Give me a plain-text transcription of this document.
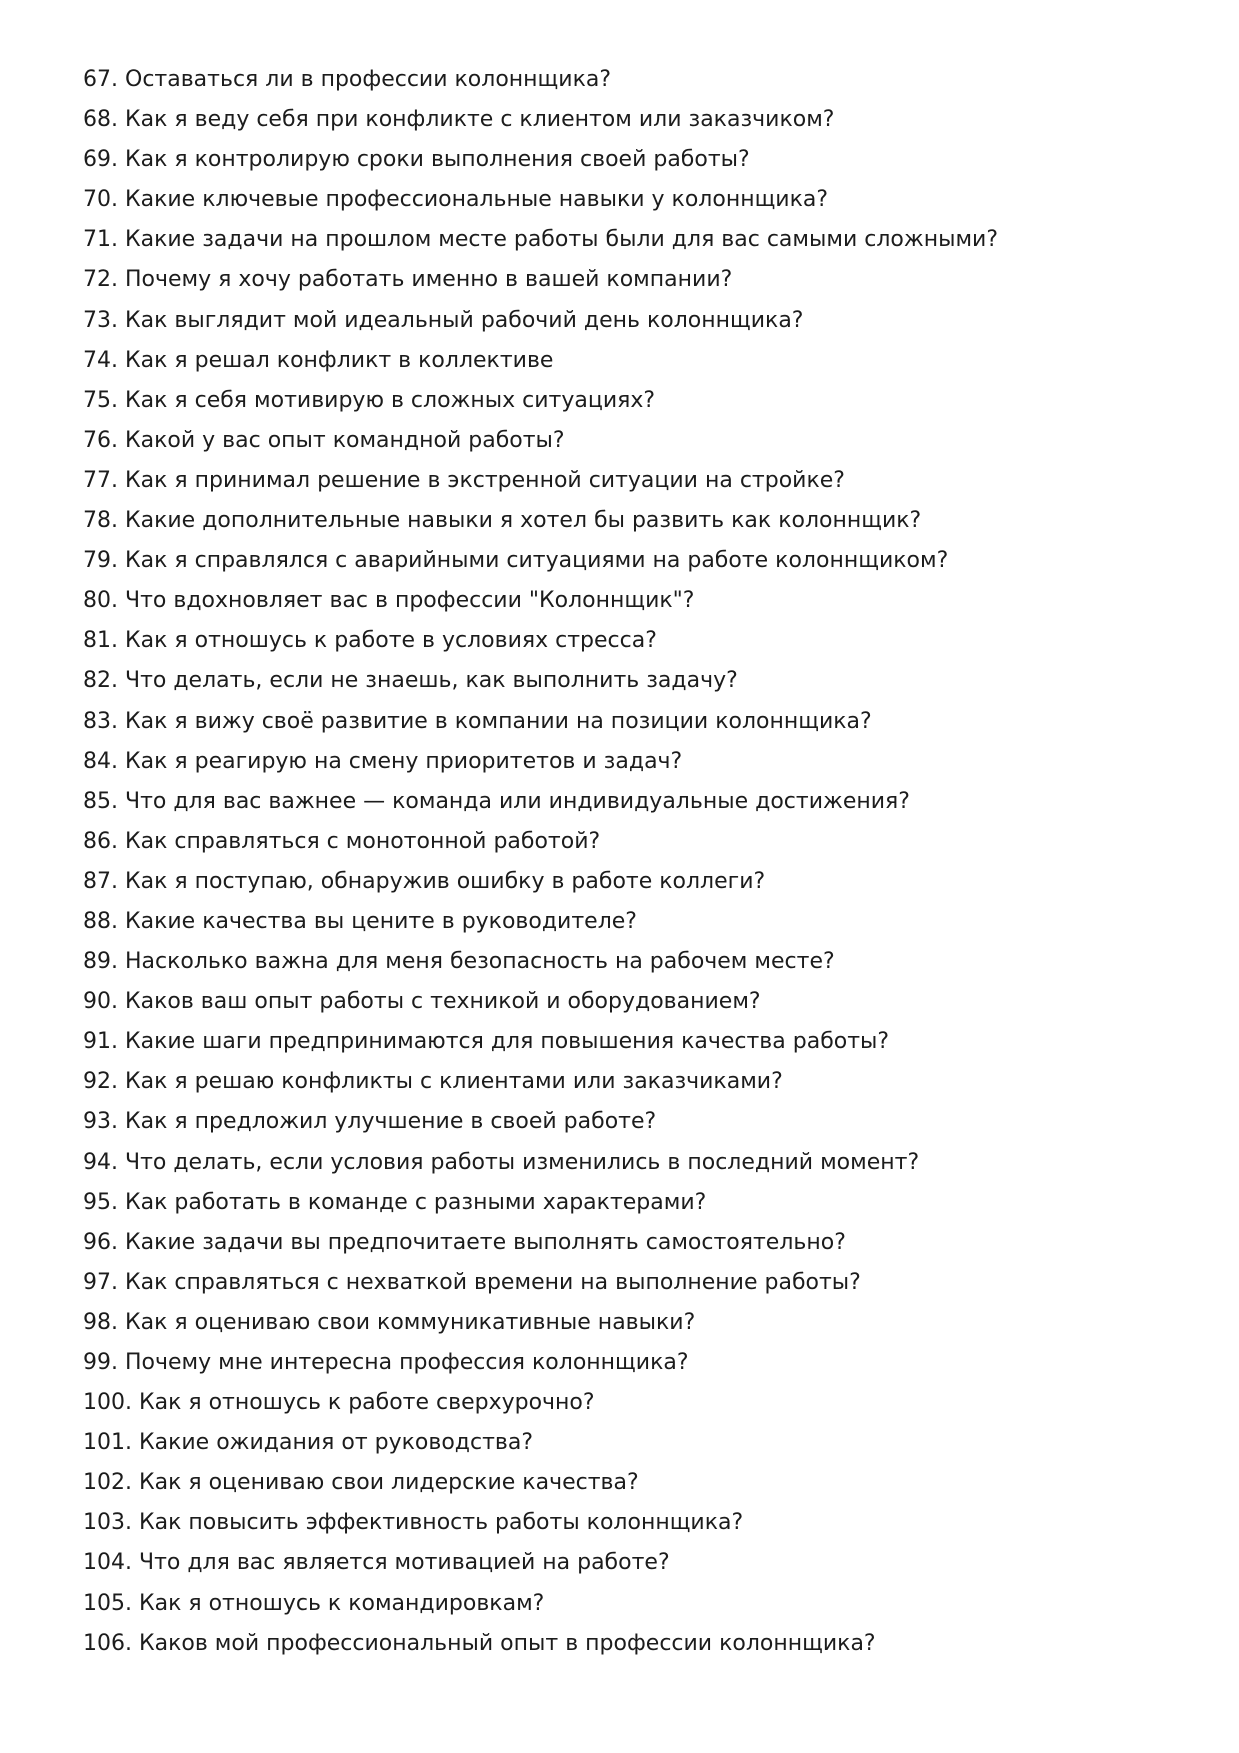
67. Оставаться ли в профессии колоннщика?
68. Как я веду себя при конфликте с клиентом или заказчиком?
69. Как я контролирую сроки выполнения своей работы?
70. Какие ключевые профессиональные навыки у колоннщика?
71. Какие задачи на прошлом месте работы были для вас самыми сложными?
72. Почему я хочу работать именно в вашей компании?
73. Как выглядит мой идеальный рабочий день колоннщика?
74. Как я решал конфликт в коллективе
75. Как я себя мотивирую в сложных ситуациях?
76. Какой у вас опыт командной работы?
77. Как я принимал решение в экстренной ситуации на стройке?
78. Какие дополнительные навыки я хотел бы развить как колоннщик?
79. Как я справлялся с аварийными ситуациями на работе колоннщиком?
80. Что вдохновляет вас в профессии "Колоннщик"?
81. Как я отношусь к работе в условиях стресса?
82. Что делать, если не знаешь, как выполнить задачу?
83. Как я вижу своё развитие в компании на позиции колоннщика?
84. Как я реагирую на смену приоритетов и задач?
85. Что для вас важнее — команда или индивидуальные достижения?
86. Как справляться с монотонной работой?
87. Как я поступаю, обнаружив ошибку в работе коллеги?
88. Какие качества вы цените в руководителе?
89. Насколько важна для меня безопасность на рабочем месте?
90. Каков ваш опыт работы с техникой и оборудованием?
91. Какие шаги предпринимаются для повышения качества работы?
92. Как я решаю конфликты с клиентами или заказчиками?
93. Как я предложил улучшение в своей работе?
94. Что делать, если условия работы изменились в последний момент?
95. Как работать в команде с разными характерами?
96. Какие задачи вы предпочитаете выполнять самостоятельно?
97. Как справляться с нехваткой времени на выполнение работы?
98. Как я оцениваю свои коммуникативные навыки?
99. Почему мне интересна профессия колоннщика?
100. Как я отношусь к работе сверхурочно?
101. Какие ожидания от руководства?
102. Как я оцениваю свои лидерские качества?
103. Как повысить эффективность работы колоннщика?
104. Что для вас является мотивацией на работе?
105. Как я отношусь к командировкам?
106. Каков мой профессиональный опыт в профессии колоннщика?
